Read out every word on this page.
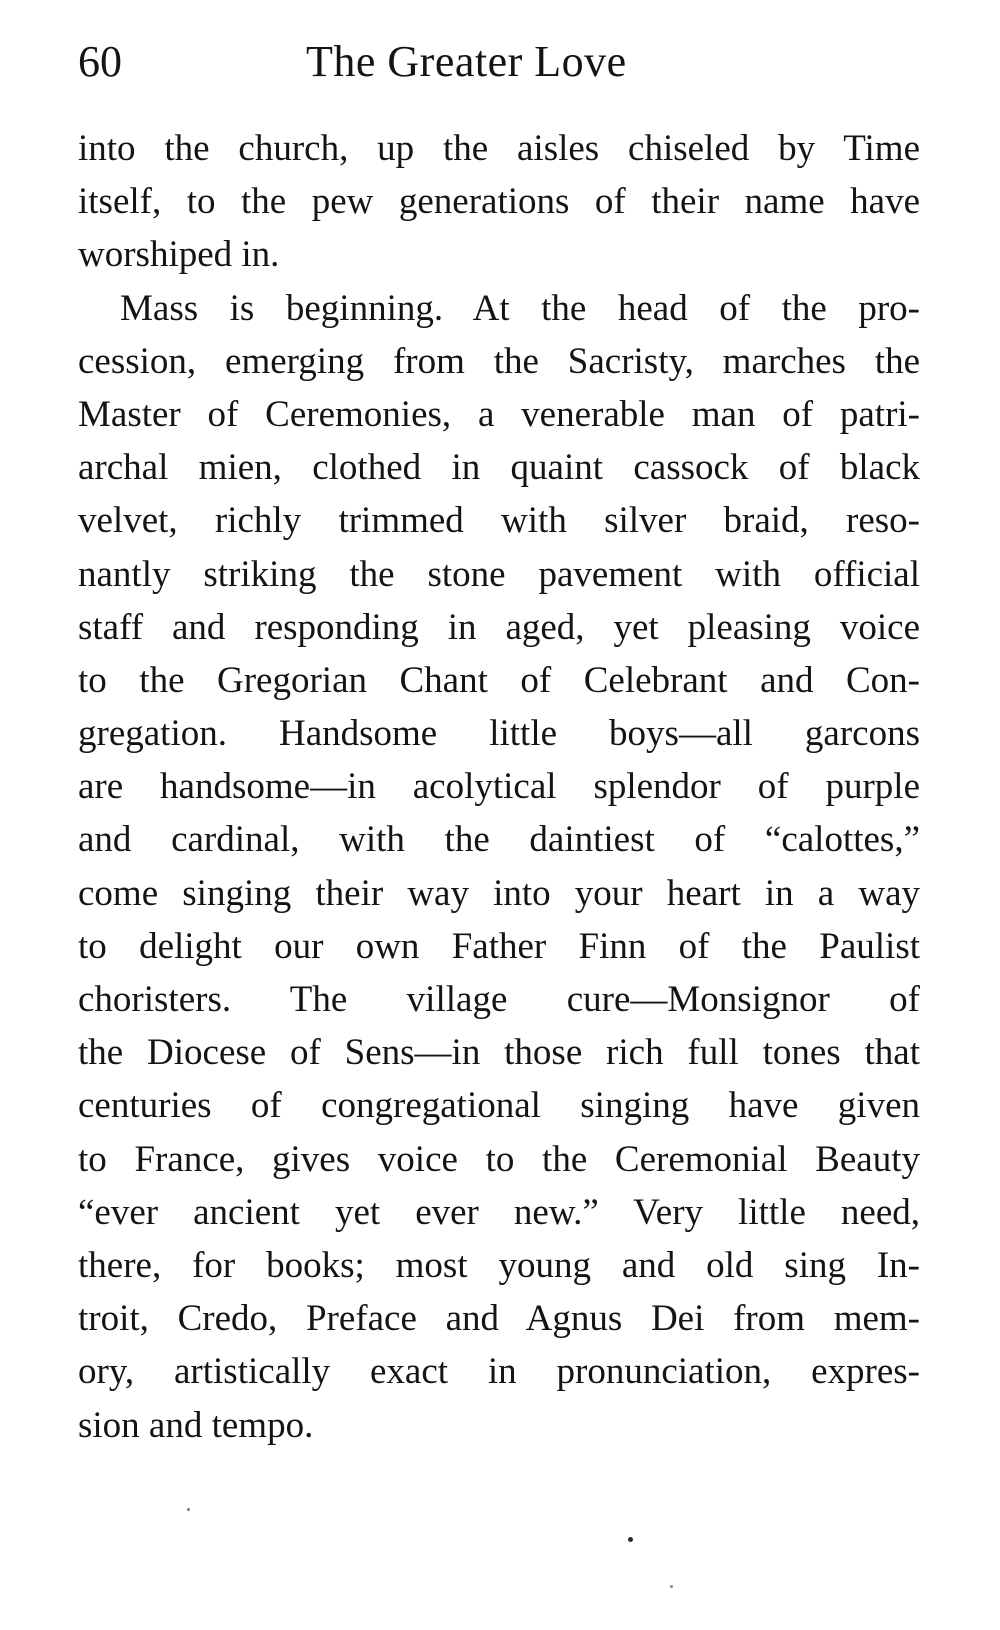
60	The Greater Love
into the church, up the aisles chiseled by Time
itself, to the pew generations of their name have
worshiped in.
Mass is beginning. At the head of the pro-
cession, emerging from the Sacristy, marches the
Master of Ceremonies, a venerable man of patri-
archal mien, clothed in quaint cassock of black
velvet, richly trimmed with silver braid, reso-
nantly striking the stone pavement with official
staff and responding in aged, yet pleasing voice
to the Gregorian Chant of Celebrant and Con-
gregation. Handsome little boys—all garcons
are handsome—in acolytical splendor of purple
and cardinal, with the daintiest of “calottes,”
come singing their way into your heart in a way
to delight our own Father Finn of the Paulist
choristers. The village cure—Monsignor of
the Diocese of Sens—in those rich full tones that
centuries of congregational singing have given
to France, gives voice to the Ceremonial Beauty
“ever ancient yet ever new.” Very little need,
there, for books; most young and old sing In-
troit, Credo, Preface and Agnus Dei from mem-
ory, artistically exact in pronunciation, expres-
sion and tempo.
